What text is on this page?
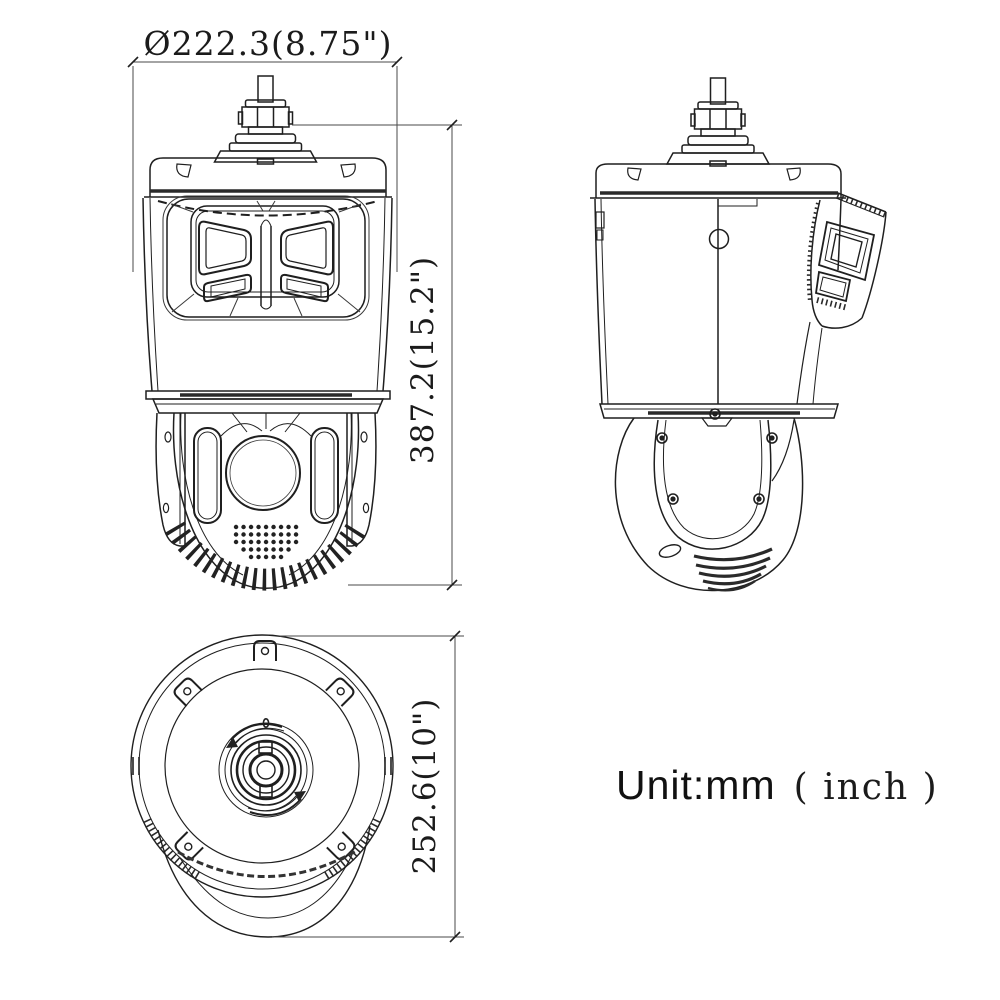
Ø222.3(8.75")
387.2(15.2")
252.6(10")	Unit:mm ( inch )
